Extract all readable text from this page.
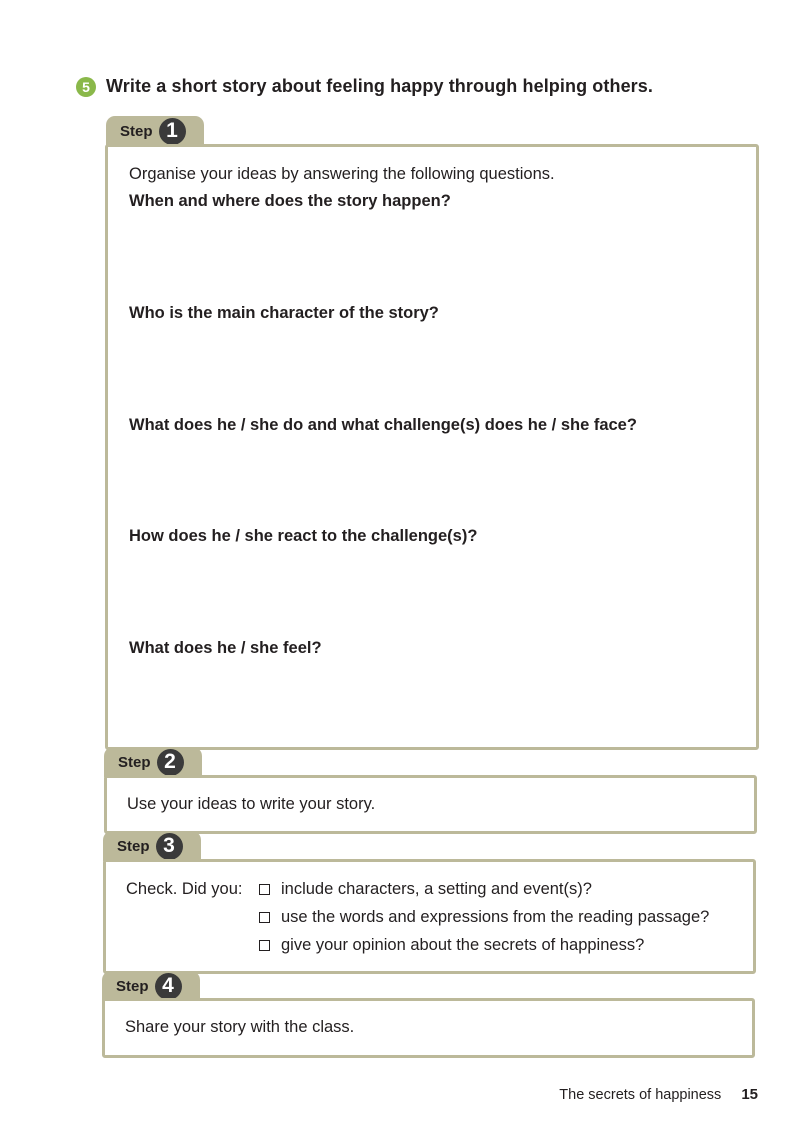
5 Write a short story about feeling happy through helping others.
Step 1
Organise your ideas by answering the following questions.
When and where does the story happen?
Who is the main character of the story?
What does he / she do and what challenge(s) does he / she face?
How does he / she react to the challenge(s)?
What does he / she feel?
Step 2
Use your ideas to write your story.
Step 3
Check. Did you: include characters, a setting and event(s)?
use the words and expressions from the reading passage?
give your opinion about the secrets of happiness?
Step 4
Share your story with the class.
The secrets of happiness 15
